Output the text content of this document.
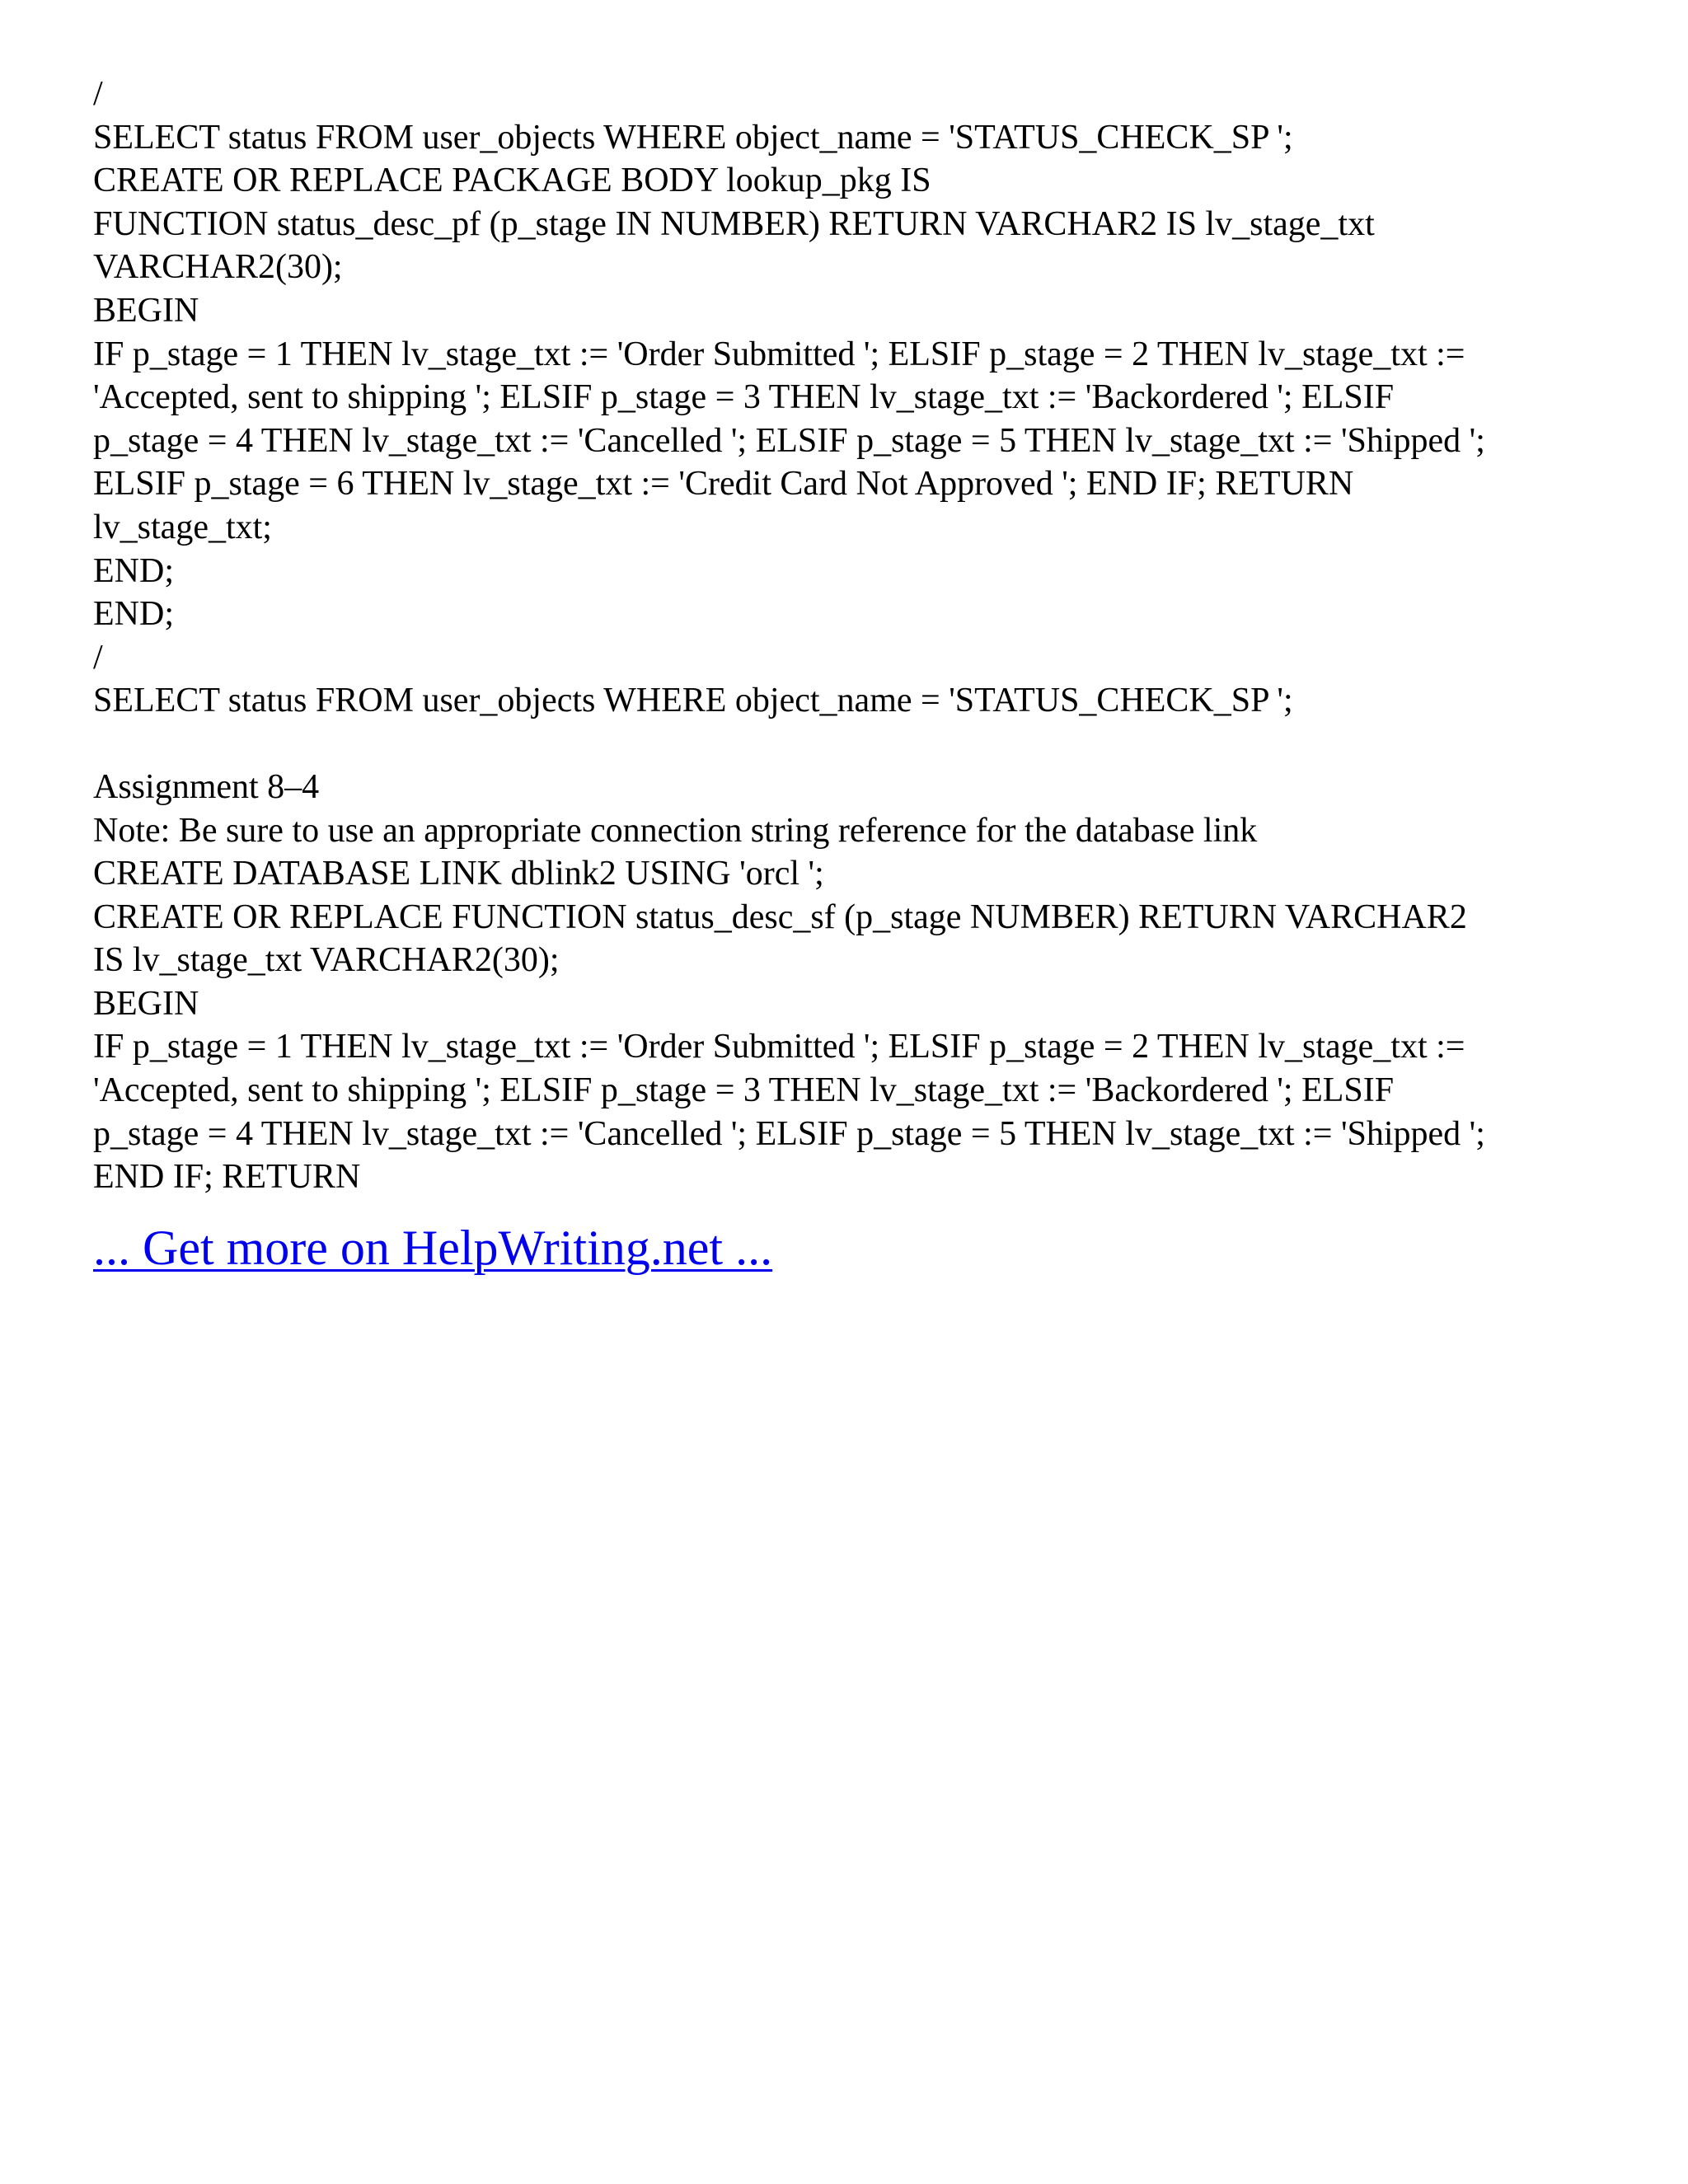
/

SELECT status FROM user_objects WHERE object_name = 'STATUS_CHECK_SP ';

CREATE OR REPLACE PACKAGE BODY lookup_pkg IS

FUNCTION status_desc_pf (p_stage IN NUMBER) RETURN VARCHAR2 IS lv_stage_txt

VARCHAR2(30);

BEGIN

IF p_stage = 1 THEN lv_stage_txt := 'Order Submitted '; ELSIF p_stage = 2 THEN lv_stage_txt :=

'Accepted, sent to shipping '; ELSIF p_stage = 3 THEN lv_stage_txt := 'Backordered '; ELSIF

p_stage = 4 THEN lv_stage_txt := 'Cancelled '; ELSIF p_stage = 5 THEN lv_stage_txt := 'Shipped ';

ELSIF p_stage = 6 THEN lv_stage_txt := 'Credit Card Not Approved '; END IF; RETURN

lv_stage_txt;

END;

END;

/

SELECT status FROM user_objects WHERE object_name = 'STATUS_CHECK_SP ';

Assignment 8–4

Note: Be sure to use an appropriate connection string reference for the database link

CREATE DATABASE LINK dblink2 USING 'orcl ';

CREATE OR REPLACE FUNCTION status_desc_sf (p_stage NUMBER) RETURN VARCHAR2

IS lv_stage_txt VARCHAR2(30);

BEGIN

IF p_stage = 1 THEN lv_stage_txt := 'Order Submitted '; ELSIF p_stage = 2 THEN lv_stage_txt :=

'Accepted, sent to shipping '; ELSIF p_stage = 3 THEN lv_stage_txt := 'Backordered '; ELSIF

p_stage = 4 THEN lv_stage_txt := 'Cancelled '; ELSIF p_stage = 5 THEN lv_stage_txt := 'Shipped ';

END IF; RETURN

... Get more on HelpWriting.net ...
